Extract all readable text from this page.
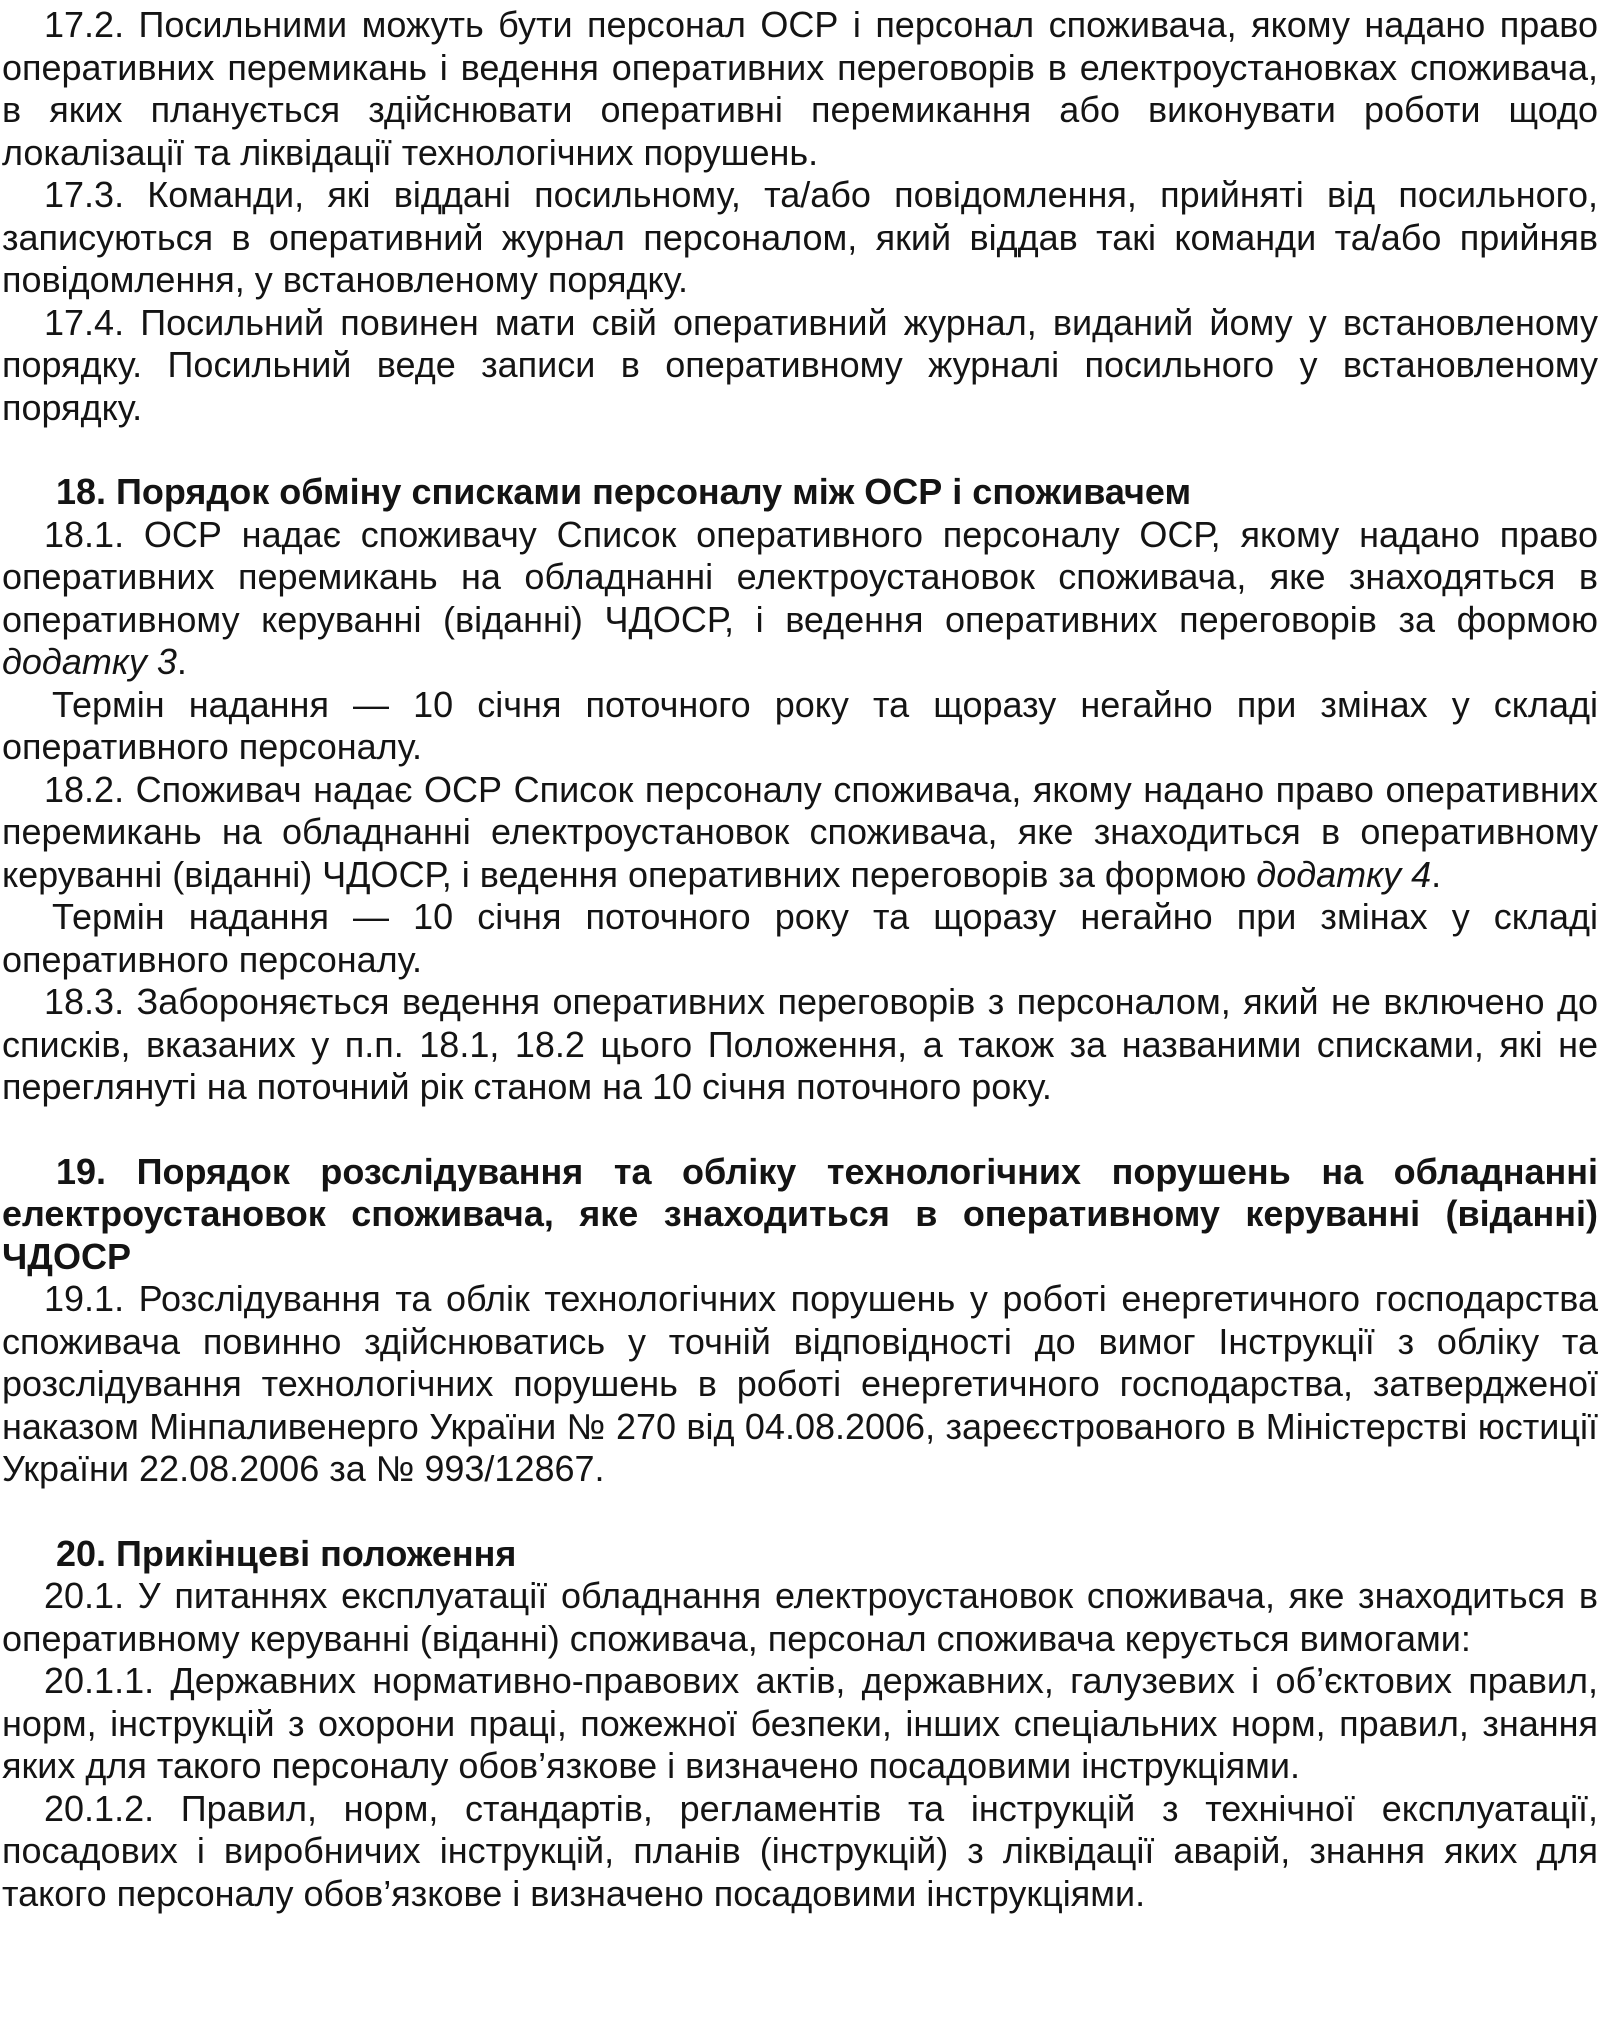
17.2. Посильними можуть бути персонал ОСР і персонал споживача, якому надано право оперативних перемикань і ведення оперативних переговорів в електроустановках споживача, в яких планується здійснювати оперативні перемикання або виконувати роботи щодо локалізації та ліквідації технологічних порушень.

17.3. Команди, які віддані посильному, та/або повідомлення, прийняті від посильного, записуються в оперативний журнал персоналом, який віддав такі команди та/або прийняв повідомлення, у встановленому порядку.

17.4. Посильний повинен мати свій оперативний журнал, виданий йому у встановленому порядку. Посильний веде записи в оперативному журналі посильного у встановленому порядку.

18. Порядок обміну списками персоналу між ОСР і споживачем

18.1. ОСР надає споживачу Список оперативного персоналу ОСР, якому надано право оперативних перемикань на обладнанні електроустановок споживача, яке знаходяться в оперативному керуванні (віданні) ЧДОСР, і ведення оперативних переговорів за формою додатку 3.

Термін надання — 10 січня поточного року та щоразу негайно при змінах у складі оперативного персоналу.

18.2. Споживач надає ОСР Список персоналу споживача, якому надано право оперативних перемикань на обладнанні електроустановок споживача, яке знаходиться в оперативному керуванні (віданні) ЧДОСР, і ведення оперативних переговорів за формою додатку 4.

Термін надання — 10 січня поточного року та щоразу негайно при змінах у складі оперативного персоналу.

18.3. Забороняється ведення оперативних переговорів з персоналом, який не включено до списків, вказаних у п.п. 18.1, 18.2 цього Положення, а також за названими списками, які не переглянуті на поточний рік станом на 10 січня поточного року.

19. Порядок розслідування та обліку технологічних порушень на обладнанні електроустановок споживача, яке знаходиться в оперативному керуванні (віданні) ЧДОСР

19.1. Розслідування та облік технологічних порушень у роботі енергетичного господарства споживача повинно здійснюватись у точній відповідності до вимог Інструкції з обліку та розслідування технологічних порушень в роботі енергетичного господарства, затвердженої наказом Мінпаливенерго України № 270 від 04.08.2006, зареєстрованого в Міністерстві юстиції України 22.08.2006 за № 993/12867.

20. Прикінцеві положення

20.1. У питаннях експлуатації обладнання електроустановок споживача, яке знаходиться в оперативному керуванні (віданні) споживача, персонал споживача керується вимогами:

20.1.1. Державних нормативно-правових актів, державних, галузевих і об’єктових правил, норм, інструкцій з охорони праці, пожежної безпеки, інших спеціальних норм, правил, знання яких для такого персоналу обов’язкове і визначено посадовими інструкціями.

20.1.2. Правил, норм, стандартів, регламентів та інструкцій з технічної експлуатації, посадових і виробничих інструкцій, планів (інструкцій) з ліквідації аварій, знання яких для такого персоналу обов’язкове і визначено посадовими інструкціями.
